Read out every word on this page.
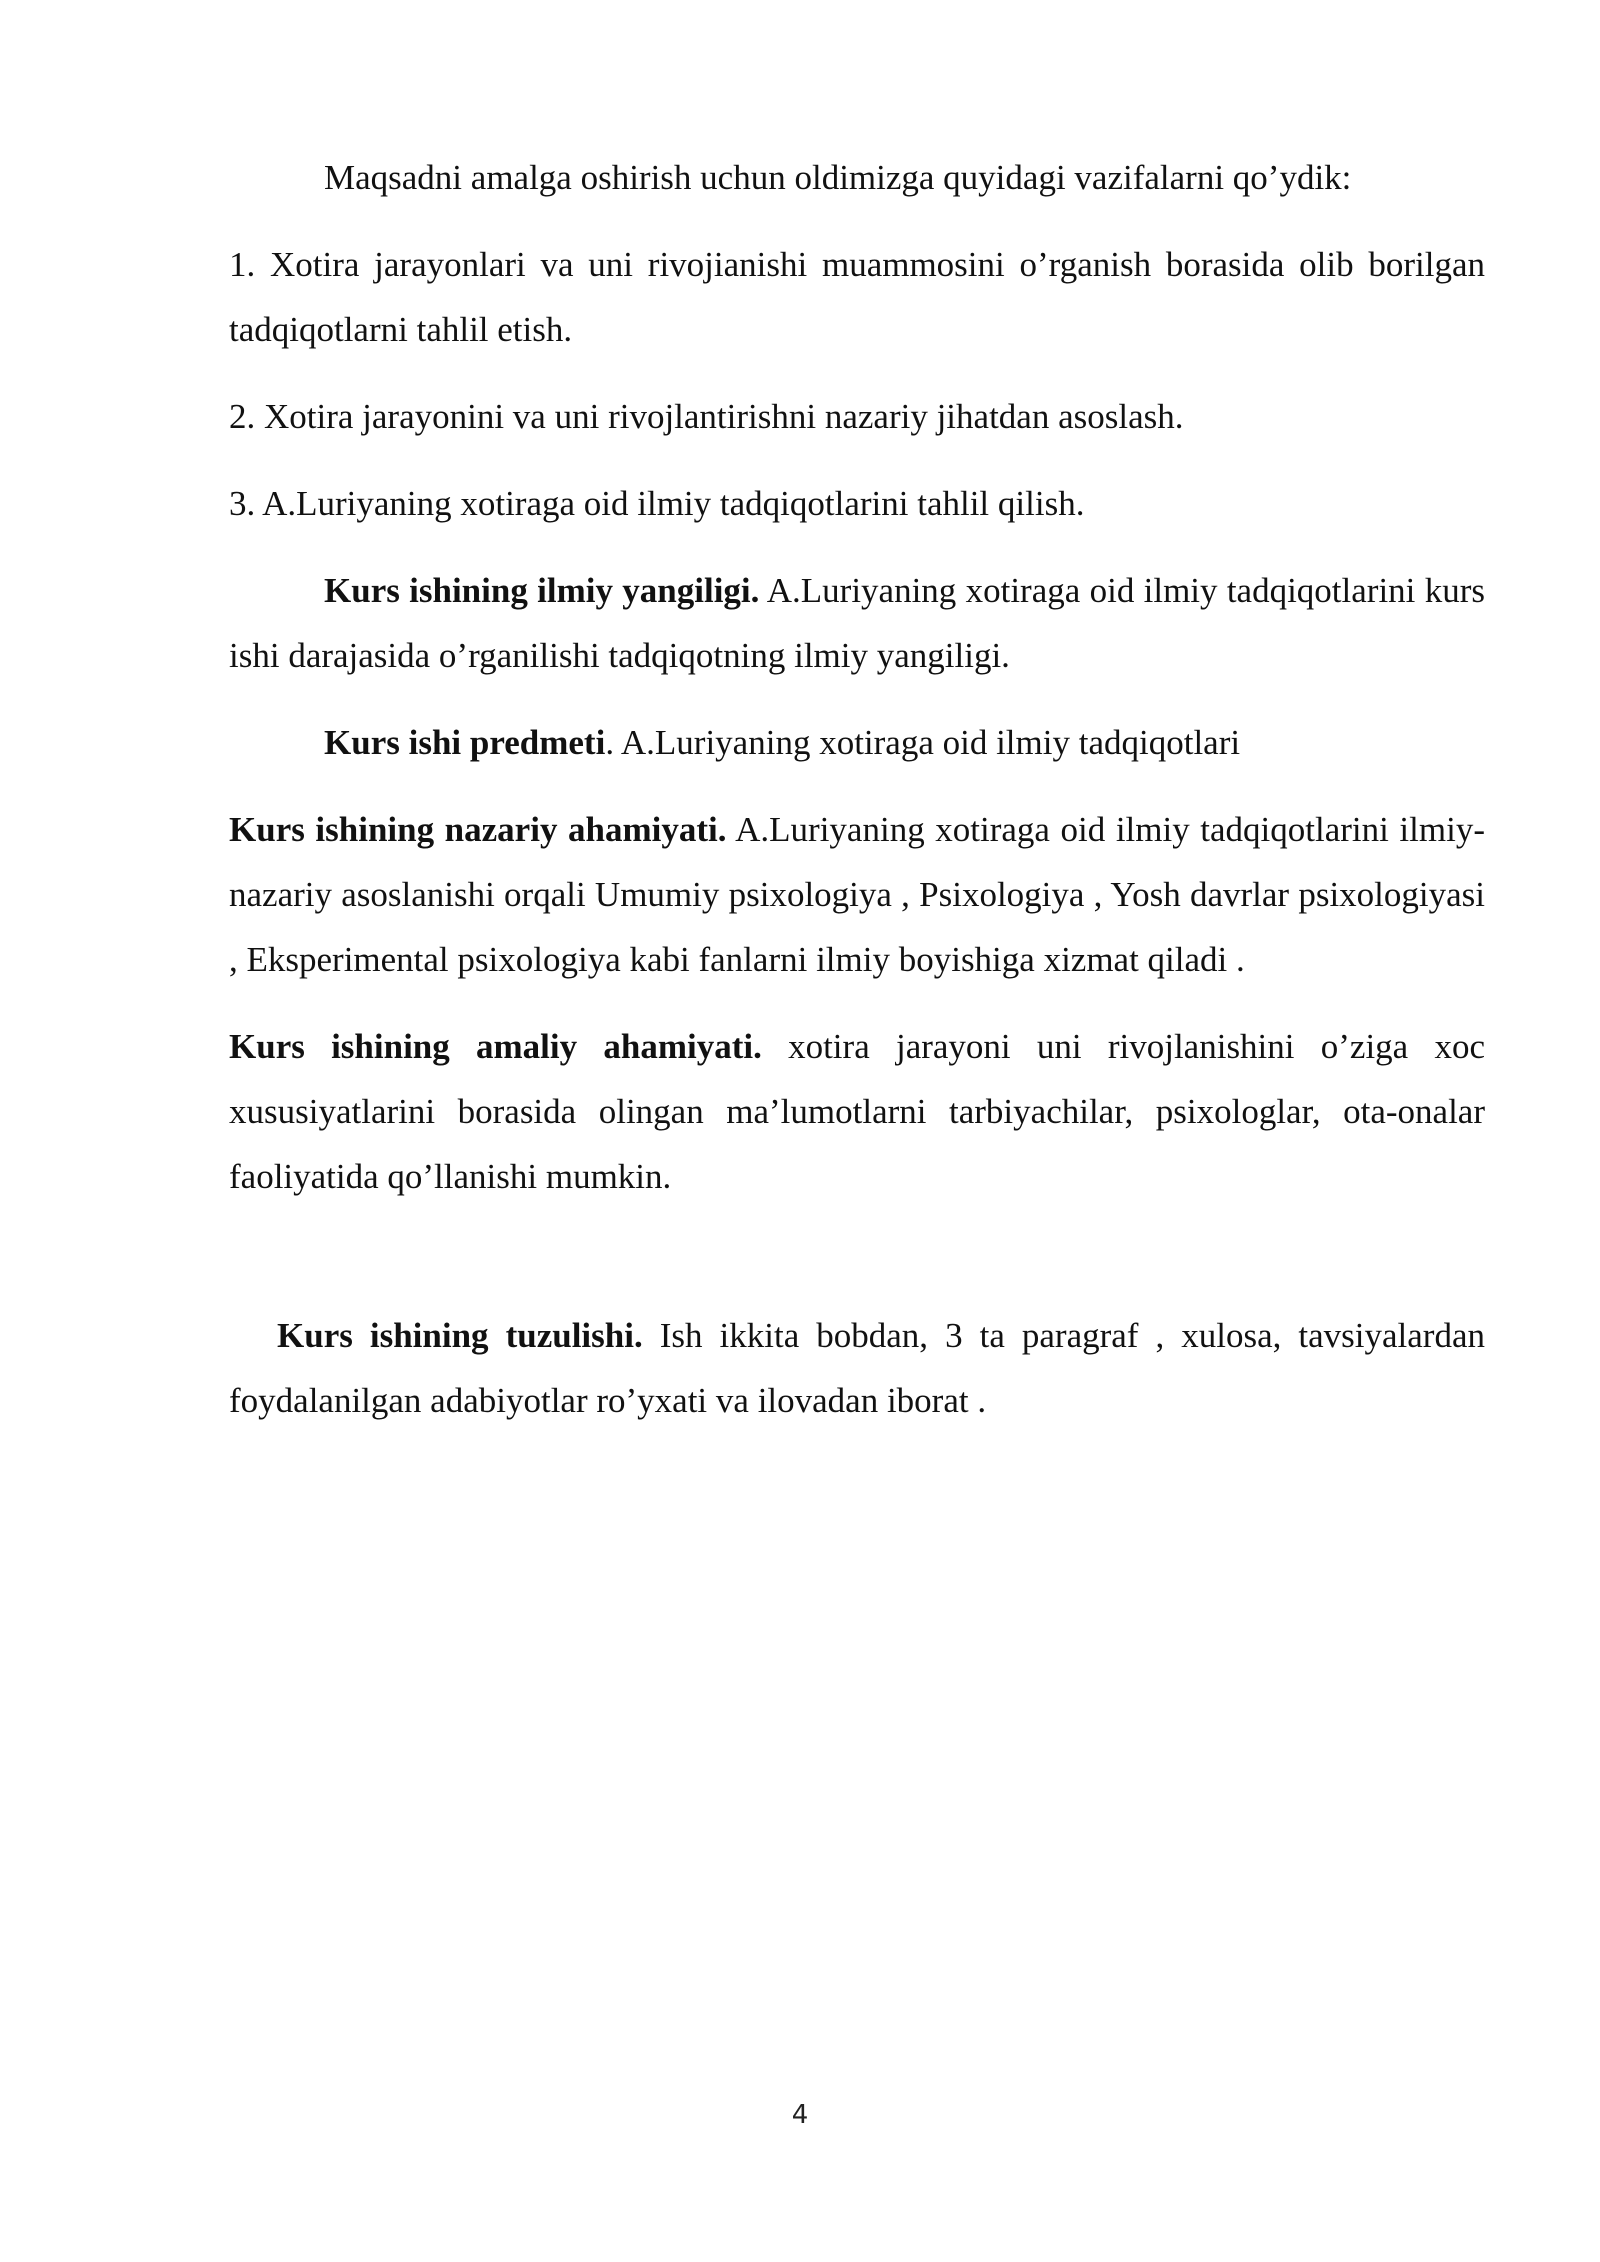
Maqsadni amalga oshirish uchun oldimizga quyidagi vazifalarni qo’ydik:

1. Xotira jarayonlari va uni rivojianishi muammosini o’rganish borasida olib borilgan tadqiqotlarni tahlil etish.

2. Xotira jarayonini va uni rivojlantirishni nazariy jihatdan asoslash.

3. A.Luriyaning xotiraga oid ilmiy tadqiqotlarini tahlil qilish.

Kurs ishining ilmiy yangiligi. A.Luriyaning xotiraga oid ilmiy tadqiqotlarini kurs ishi darajasida o’rganilishi tadqiqotning ilmiy yangiligi.

Kurs ishi predmeti. A.Luriyaning xotiraga oid ilmiy tadqiqotlari

Kurs ishining nazariy ahamiyati. A.Luriyaning xotiraga oid ilmiy tadqiqotlarini ilmiy-nazariy asoslanishi orqali Umumiy psixologiya , Psixologiya , Yosh davrlar psixologiyasi , Eksperimental psixologiya kabi fanlarni ilmiy boyishiga xizmat qiladi .

Kurs ishining amaliy ahamiyati. xotira jarayoni uni rivojlanishini o’ziga xoc xususiyatlarini borasida olingan ma’lumotlarni tarbiyachilar, psixologlar, ota-onalar faoliyatida qo’llanishi mumkin.

Kurs ishining tuzulishi. Ish ikkita bobdan, 3 ta paragraf , xulosa, tavsiyalardan foydalanilgan adabiyotlar ro’yxati va ilovadan iborat .

4
